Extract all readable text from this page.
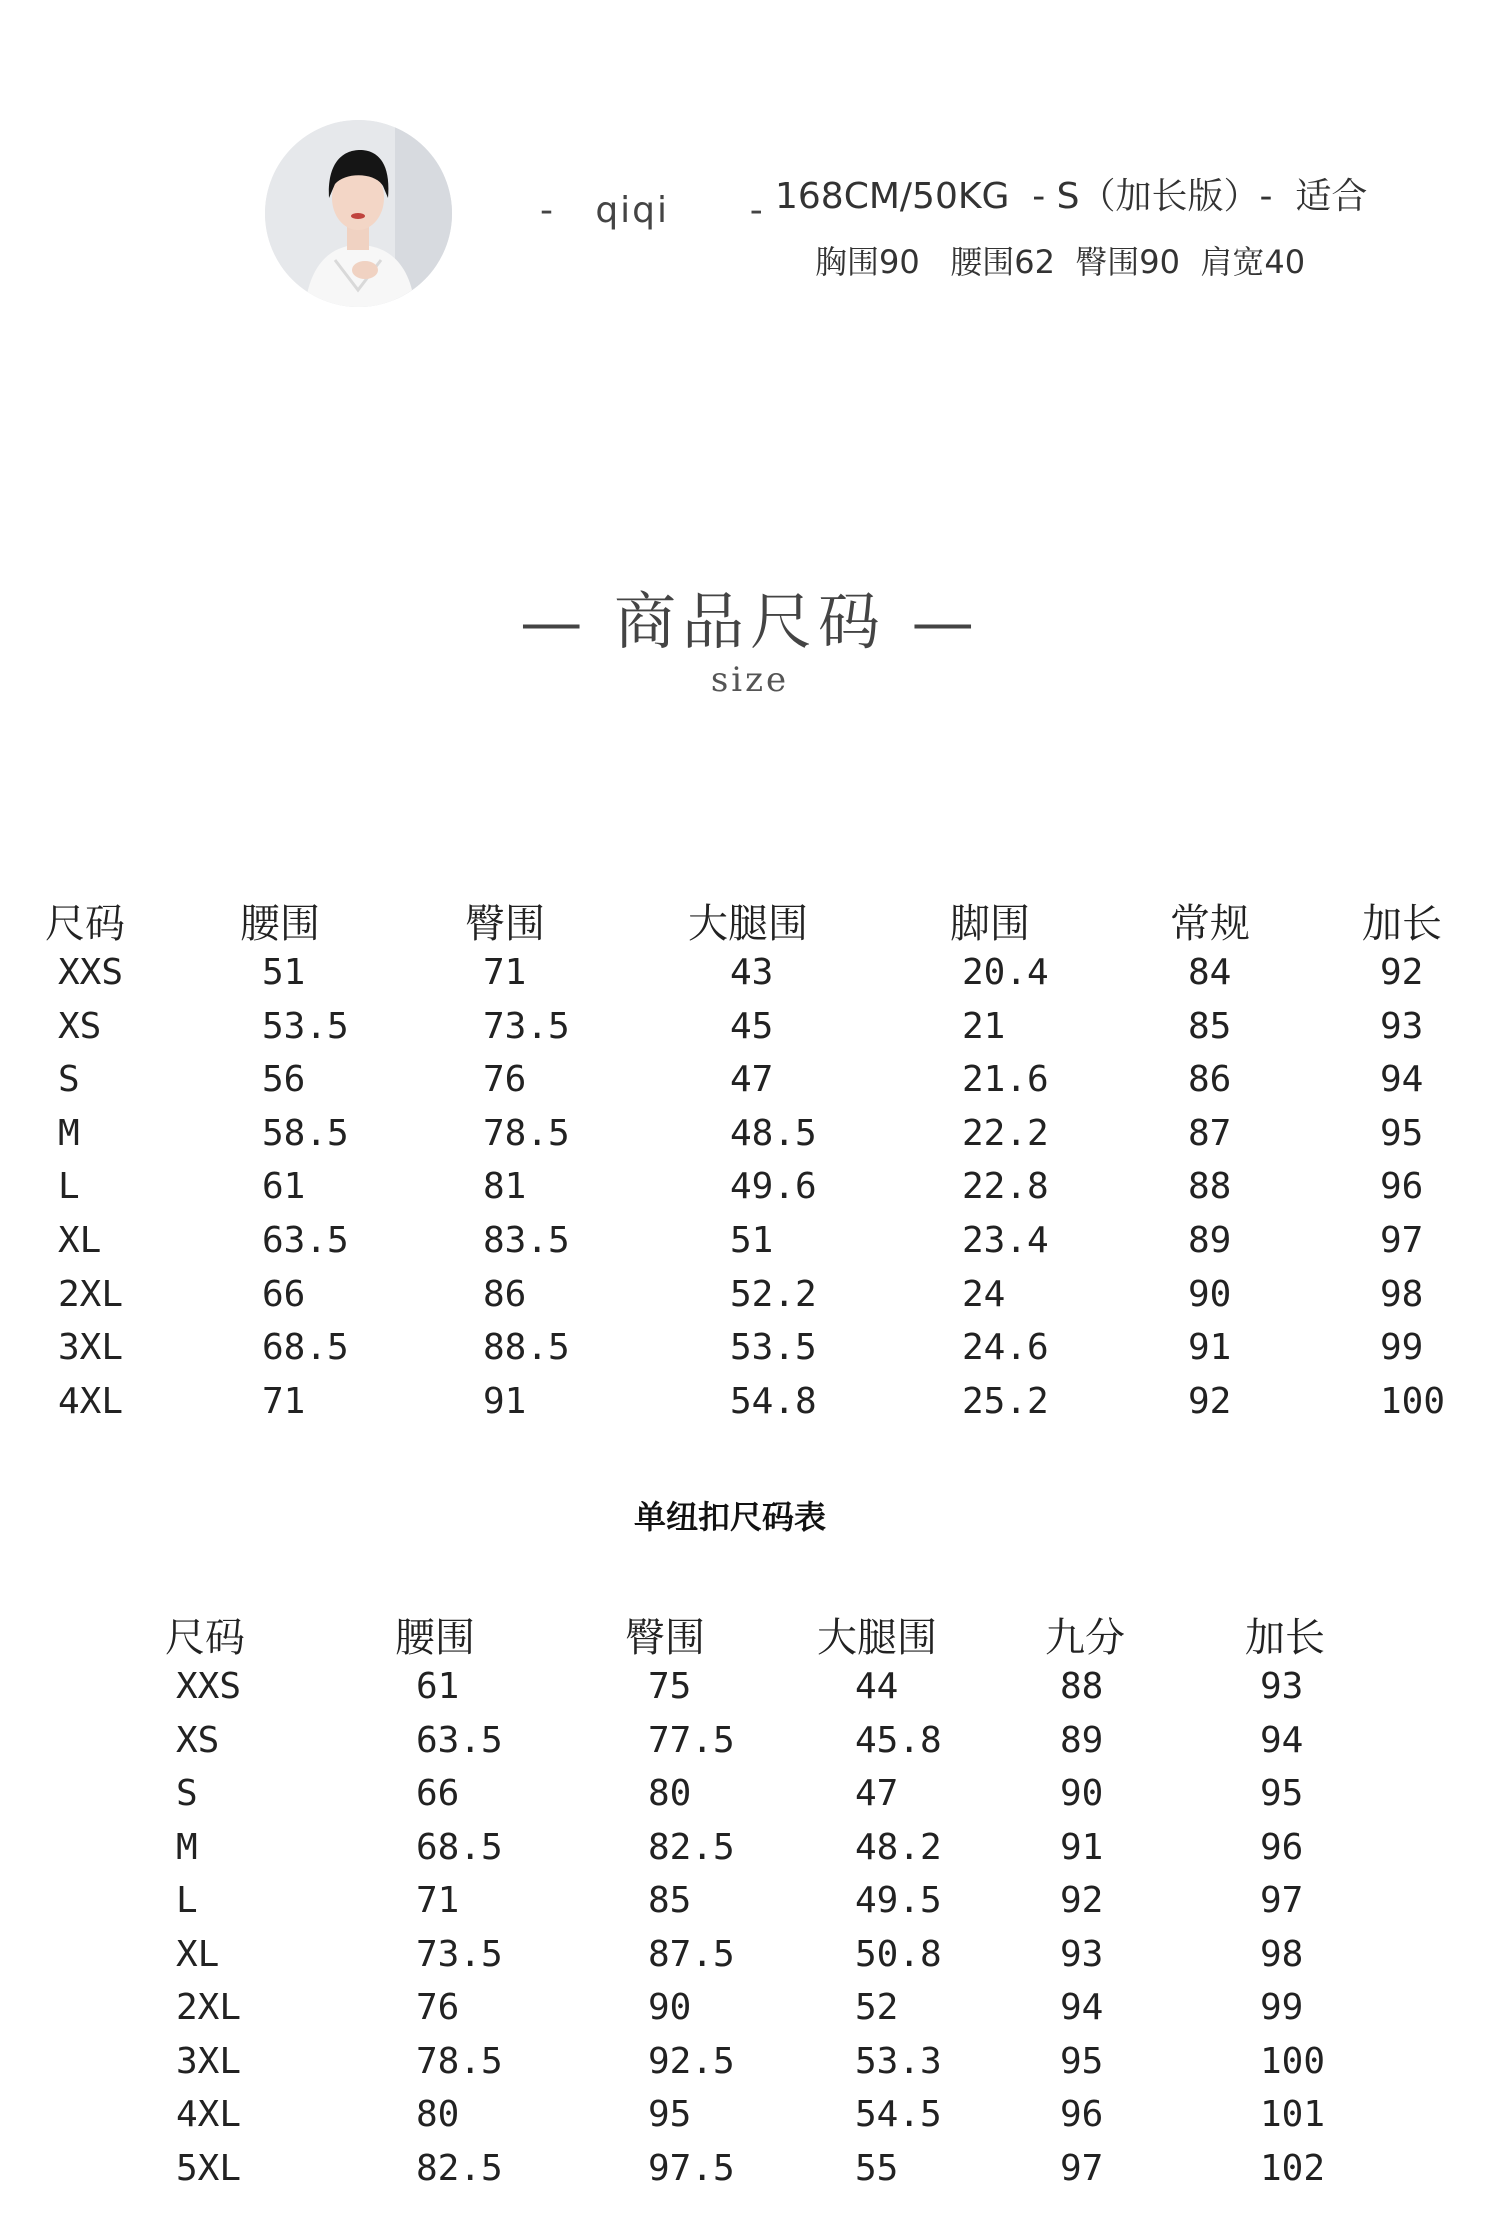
-   qiqi      - 168CM/50KG  - S（加长版）-  适合
胸围90   腰围62  臀围90  肩宽40
— 商品尺码 —
size
尺码	腰围	臀围	大腿围	脚围	常规	加长
XXS	51	71	43	20.4	84	92
XS	53.5	73.5	45	21	85	93
S	56	76	47	21.6	86	94
M	58.5	78.5	48.5	22.2	87	95
L	61	81	49.6	22.8	88	96
XL	63.5	83.5	51	23.4	89	97
2XL	66	86	52.2	24	90	98
3XL	68.5	88.5	53.5	24.6	91	99
4XL	71	91	54.8	25.2	92	100
单纽扣尺码表
尺码	腰围	臀围	大腿围	九分	加长
XXS	61	75	44	88	93
XS	63.5	77.5	45.8	89	94
S	66	80	47	90	95
M	68.5	82.5	48.2	91	96
L	71	85	49.5	92	97
XL	73.5	87.5	50.8	93	98
2XL	76	90	52	94	99
3XL	78.5	92.5	53.3	95	100
4XL	80	95	54.5	96	101
5XL	82.5	97.5	55	97	102
